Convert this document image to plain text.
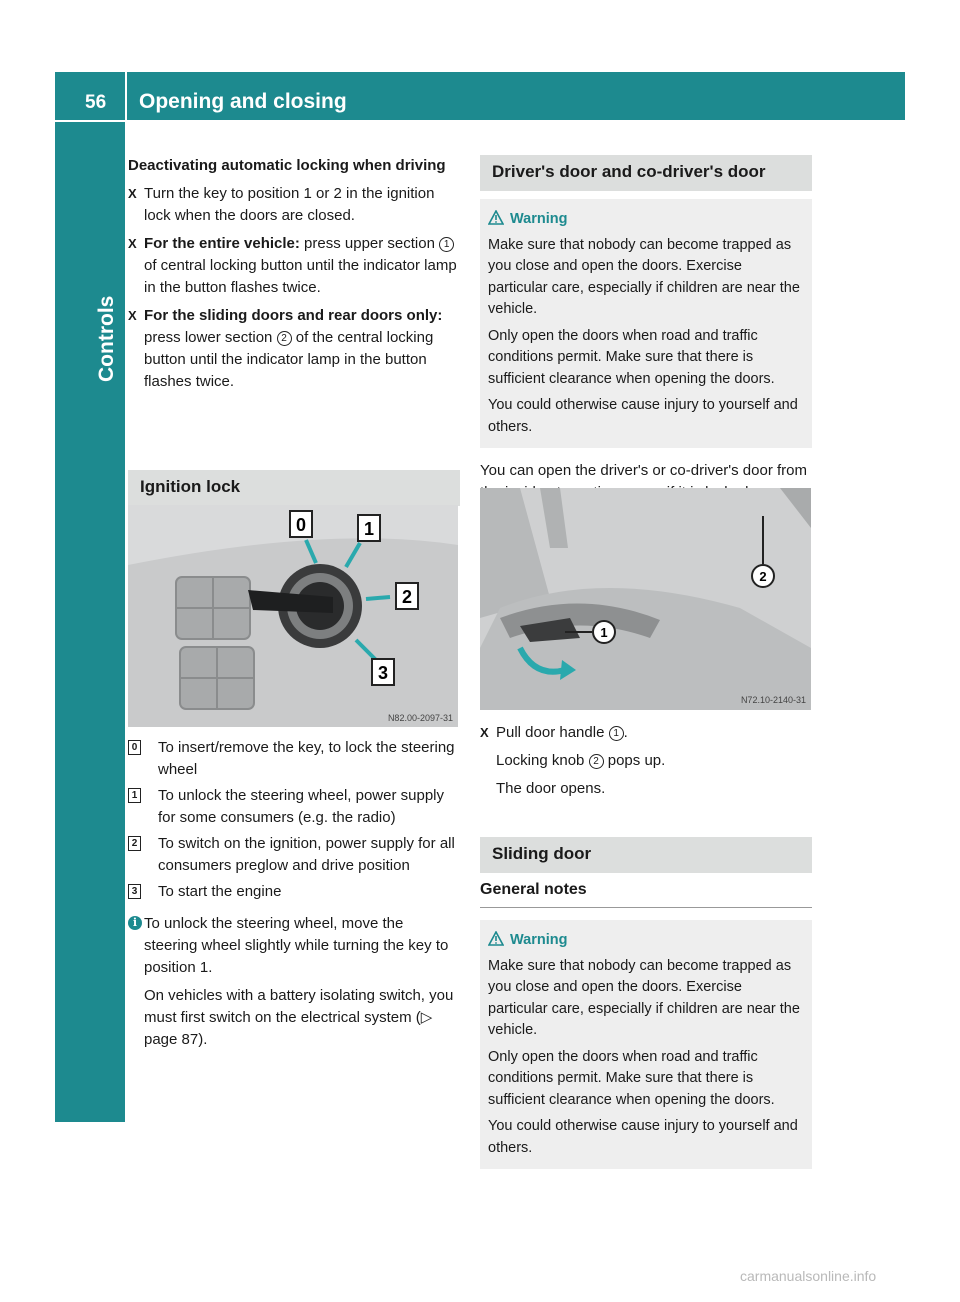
56 Opening and closing
Controls
Deactivating automatic locking when driving
X Turn the key to position 1 or 2 in the ignition lock when the doors are closed.
X For the entire vehicle: press upper section 1 of central locking button until the indicator lamp in the button flashes twice.
X For the sliding doors and rear doors only: press lower section 2 of the central locking button until the indicator lamp in the button flashes twice.
Ignition lock
0	1
2
3
N82.00-2097-31
0 To insert/remove the key, to lock the steering wheel
1 To unlock the steering wheel, power supply for some consumers (e.g. the radio)
2 To switch on the ignition, power supply for all consumers preglow and drive position
3 To start the engine
i To unlock the steering wheel, move the steering wheel slightly while turning the key to position 1.

On vehicles with a battery isolating switch, you must first switch on the electrical system (▷ page 87).

Driver's door and co-driver's door
Warning

Make sure that nobody can become trapped as you close and open the doors. Exercise particular care, especially if children are near the vehicle.

Only open the doors when road and traffic conditions permit. Make sure that there is sufficient clearance when opening the doors.

You could otherwise cause injury to yourself and others.

You can open the driver's or co-driver's door from

1
2
N72.10-2140-31
X Pull door handle 1 .
Locking knob 2 pops up.
The door opens.
Sliding door
General notes
Warning

Make sure that nobody can become trapped as you close and open the doors. Exercise particular care, especially if children are near the vehicle.

Only open the doors when road and traffic conditions permit. Make sure that there is sufficient clearance when opening the doors.

You could otherwise cause injury to yourself and others.

carmanualsonline.info
